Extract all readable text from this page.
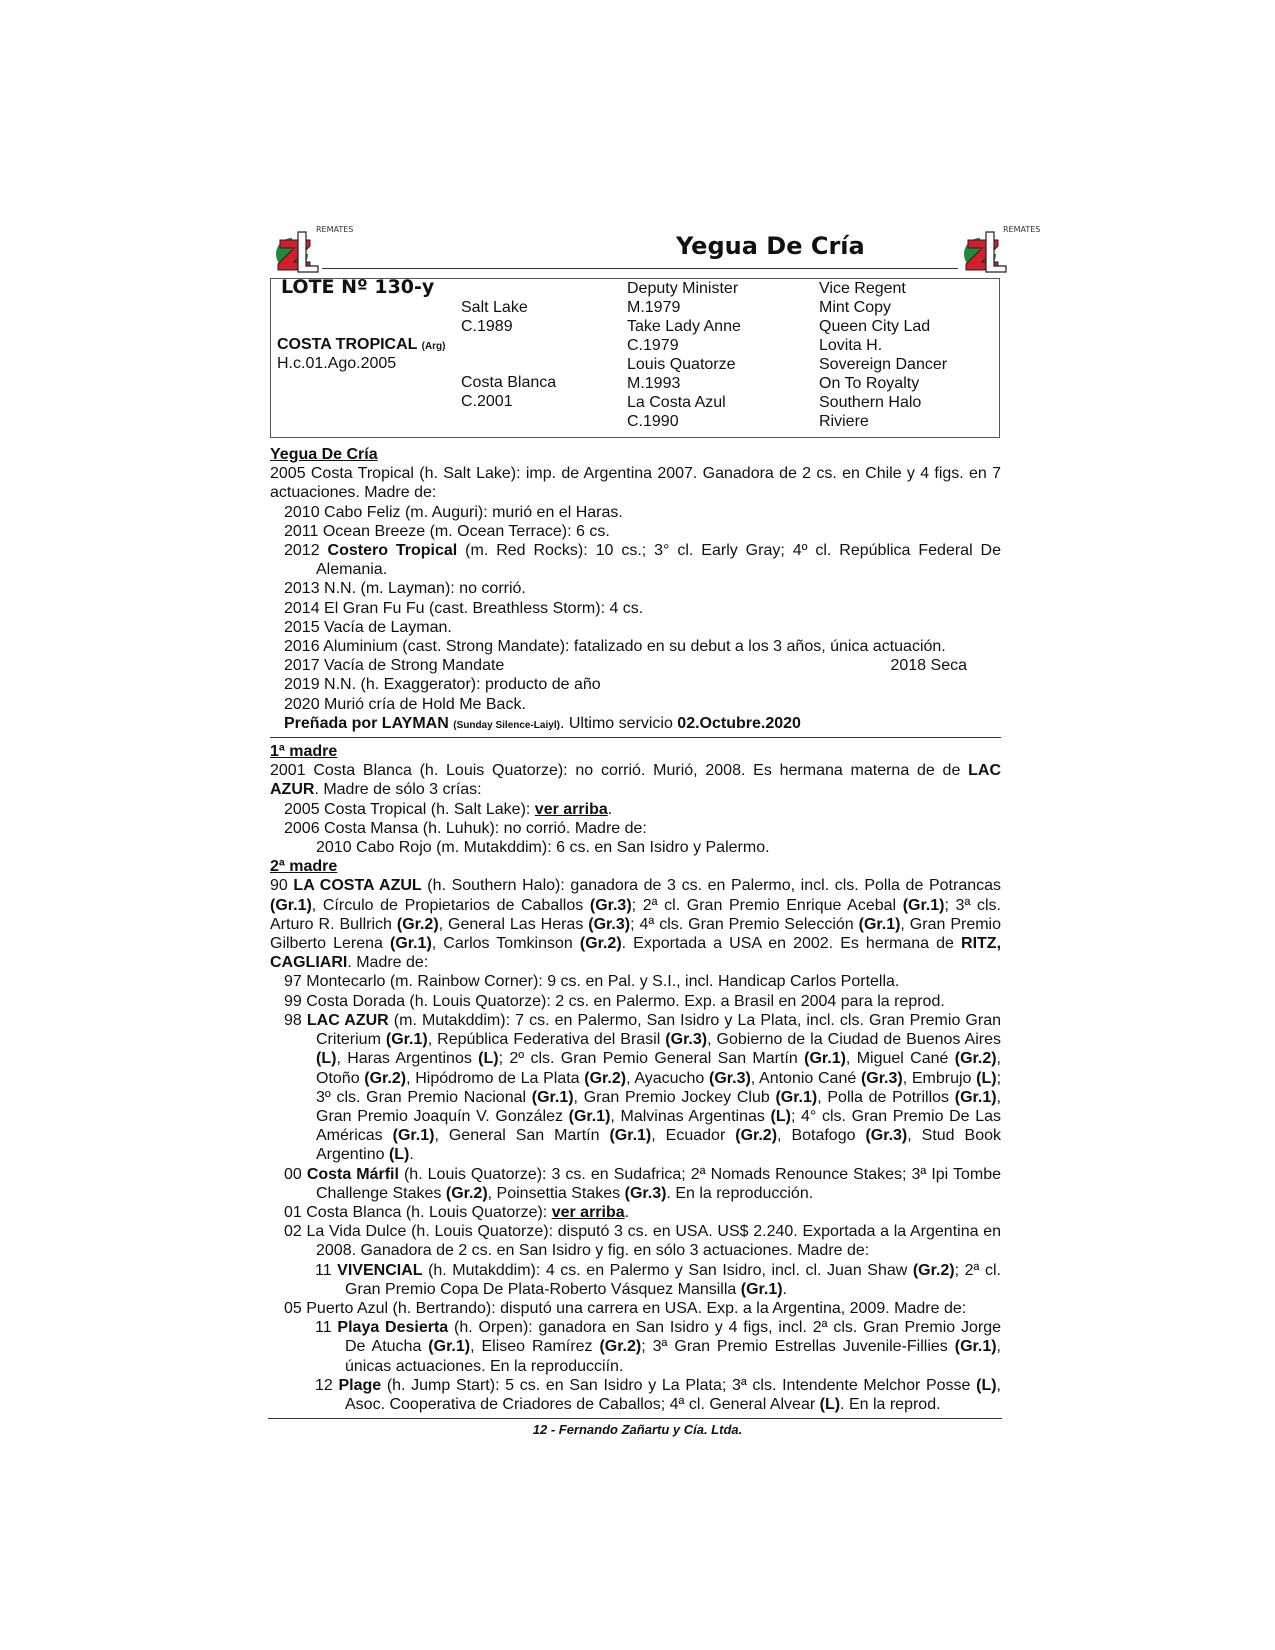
REMATES	REMATES
Yegua De Cría
LOTE Nº 130-y
COSTA TROPICAL (Arg)
H.c.01.Ago.2005
Salt Lake
C.1989
Costa Blanca
C.2001
Deputy Minister
M.1979
Take Lady Anne
C.1979
Louis Quatorze
M.1993
La Costa Azul
C.1990
Vice Regent
Mint Copy
Queen City Lad
Lovita H.
Sovereign Dancer
On To Royalty
Southern Halo
Riviere

Yegua De Cría

2005 Costa Tropical (h. Salt Lake): imp. de Argentina 2007. Ganadora de 2 cs. en Chile y 4 figs. en 7 actuaciones. Madre de:

2010 Cabo Feliz (m. Auguri): murió en el Haras.

2011 Ocean Breeze (m. Ocean Terrace): 6 cs.

2012 Costero Tropical (m. Red Rocks): 10 cs.; 3° cl. Early Gray; 4º cl. República Federal De Alemania.

2013 N.N. (m. Layman): no corrió.

2014 El Gran Fu Fu (cast. Breathless Storm): 4 cs.

2015 Vacía de Layman.

2016 Aluminium (cast. Strong Mandate): fatalizado en su debut a los 3 años, única actuación.

2017 Vacía de Strong Mandate	2018 Seca

2019 N.N. (h. Exaggerator): producto de año

2020 Murió cría de Hold Me Back.

Preñada por LAYMAN (Sunday Silence-Laiyl). Ultimo servicio 02.Octubre.2020

1ª madre

2001 Costa Blanca (h. Louis Quatorze): no corrió. Murió, 2008. Es hermana materna de de LAC AZUR. Madre de sólo 3 crías:

2005 Costa Tropical (h. Salt Lake): ver arriba.

2006 Costa Mansa (h. Luhuk): no corrió. Madre de:

2010 Cabo Rojo (m. Mutakddim): 6 cs. en San Isidro y Palermo.

2ª madre

90 LA COSTA AZUL (h. Southern Halo): ganadora de 3 cs. en Palermo, incl. cls. Polla de Potrancas (Gr.1), Círculo de Propietarios de Caballos (Gr.3); 2ª cl. Gran Premio Enrique Acebal (Gr.1); 3ª cls. Arturo R. Bullrich (Gr.2), General Las Heras (Gr.3); 4ª cls. Gran Premio Selección (Gr.1), Gran Premio Gilberto Lerena (Gr.1), Carlos Tomkinson (Gr.2). Exportada a USA en 2002. Es hermana de RITZ, CAGLIARI. Madre de:

97 Montecarlo (m. Rainbow Corner): 9 cs. en Pal. y S.I., incl. Handicap Carlos Portella.

99 Costa Dorada (h. Louis Quatorze): 2 cs. en Palermo. Exp. a Brasil en 2004 para la reprod.

98 LAC AZUR (m. Mutakddim): 7 cs. en Palermo, San Isidro y La Plata, incl. cls. Gran Premio Gran Criterium (Gr.1), República Federativa del Brasil (Gr.3), Gobierno de la Ciudad de Buenos Aires (L), Haras Argentinos (L); 2º cls. Gran Pemio General San Martín (Gr.1), Miguel Cané (Gr.2), Otoño (Gr.2), Hipódromo de La Plata (Gr.2), Ayacucho (Gr.3), Antonio Cané (Gr.3), Embrujo (L); 3º cls. Gran Premio Nacional (Gr.1), Gran Premio Jockey Club (Gr.1), Polla de Potrillos (Gr.1), Gran Premio Joaquín V. González (Gr.1), Malvinas Argentinas (L); 4° cls. Gran Premio De Las Américas (Gr.1), General San Martín (Gr.1), Ecuador (Gr.2), Botafogo (Gr.3), Stud Book Argentino (L).

00 Costa Márfil (h. Louis Quatorze): 3 cs. en Sudafrica; 2ª Nomads Renounce Stakes; 3ª Ipi Tombe Challenge Stakes (Gr.2), Poinsettia Stakes (Gr.3). En la reproducción.

01 Costa Blanca (h. Louis Quatorze): ver arriba.

02 La Vida Dulce (h. Louis Quatorze): disputó 3 cs. en USA. US$ 2.240. Exportada a la Argentina en 2008. Ganadora de 2 cs. en San Isidro y fig. en sólo 3 actuaciones. Madre de:

11 VIVENCIAL (h. Mutakddim): 4 cs. en Palermo y San Isidro, incl. cl. Juan Shaw (Gr.2); 2ª cl. Gran Premio Copa De Plata-Roberto Vásquez Mansilla (Gr.1).

05 Puerto Azul (h. Bertrando): disputó una carrera en USA. Exp. a la Argentina, 2009. Madre de:

11 Playa Desierta (h. Orpen): ganadora en San Isidro y 4 figs, incl. 2ª cls. Gran Premio Jorge De Atucha (Gr.1), Eliseo Ramírez (Gr.2); 3ª Gran Premio Estrellas Juvenile-Fillies (Gr.1), únicas actuaciones. En la reproducciín.

12 Plage (h. Jump Start): 5 cs. en San Isidro y La Plata; 3ª cls. Intendente Melchor Posse (L), Asoc. Cooperativa de Criadores de Caballos; 4ª cl. General Alvear (L). En la reprod.

12 - Fernando Zañartu y Cía. Ltda.
